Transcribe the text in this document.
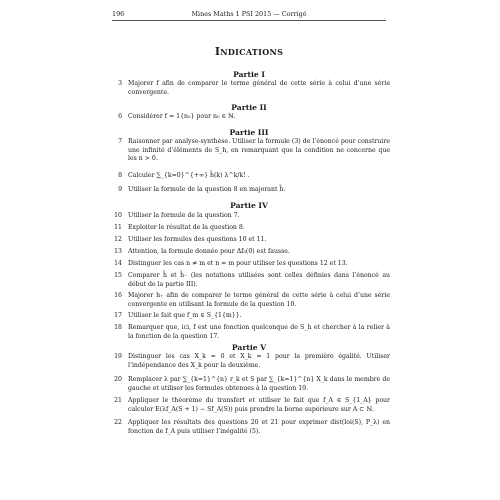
196	Mines Maths 1 PSI 2015 — Corrigé
Indications
Partie I
3 Majorer f afin de comparer le terme général de cette série à celui d’une série convergente.
Partie II
6 Considérer f = 1{n₀} pour n₀ ∈ ℕ.
Partie III
7 Raisonner par analyse-synthèse. Utiliser la formule (3) de l’énoncé pour construire une infinité d’éléments de S_h, en remarquant que la condition ne concerne que les n > 0.
8 Calculer ∑_{k=0}^{+∞} h̃(k) λ^k/k! .
9 Utiliser la formule de la question 8 en majorant h̃.
Partie IV
10 Utiliser la formule de la question 7.
11 Exploiter le résultat de la question 8.
12 Utiliser les formules des questions 10 et 11.
13 Attention, la formule donnée pour Δf₀(0) est fausse.
14 Distinguer les cas n ≠ m et n = m pour utiliser les questions 12 et 13.
15 Comparer h̃ et h̃₋ (les notations utilisées sont celles définies dans l’énoncé au début de la partie III).
16 Majorer h₊ afin de comparer le terme général de cette série à celui d’une série convergente en utilisant la formule de la question 10.
17 Utiliser le fait que f_m ∈ S_{1{m}}.
18 Remarquer que, ici, f est une fonction quelconque de S_h et chercher à la relier à la fonction de la question 17.
Partie V
19 Distinguer les cas X_k = 0 et X_k = 1 pour la première égalité. Utiliser l’indépendance des X_k pour la deuxième.
20 Remplacer λ par ∑_{k=1}^{n} r_k et S par ∑_{k=1}^{n} X_k dans le membre de gauche et utiliser les formules obtenues à la question 19.
21 Appliquer le théorème du transfert et utiliser le fait que f_A ∈ S_{1_A} pour calculer E(λf_A(S + 1) − Sf_A(S)) puis prendre la borne supérieure sur A ⊂ ℕ.
22 Appliquer les résultats des questions 20 et 21 pour exprimer dist(loi(S), P_λ) en fonction de f_A puis utiliser l’inégalité (5).
